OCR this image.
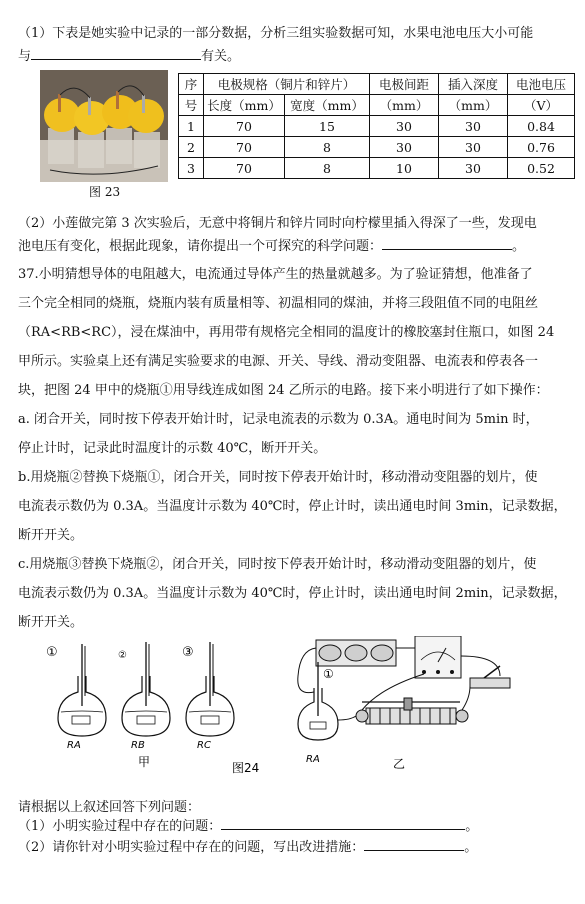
（1）下表是她实验中记录的一部分数据，分析三组实验数据可知，水果电池电压大小可能
与	有关。
图 23
序	电极规格（铜片和锌片）		电极间距	插入深度	电池电压
号	长度（mm）	宽度（mm）	（mm）	（mm）	（V）
1	70	15	30	30	0.84
2	70	8	30	30	0.76
3	70	8	10	30	0.52
（2）小莲做完第 3 次实验后，无意中将铜片和锌片同时向柠檬里插入得深了一些，发现电
池电压有变化，根据此现象，请你提出一个可探究的科学问题：	。
37.小明猜想导体的电阻越大，电流通过导体产生的热量就越多。为了验证猜想，他准备了
三个完全相同的烧瓶，烧瓶内装有质量相等、初温相同的煤油，并将三段阻值不同的电阻丝
（RA<RB<RC），浸在煤油中，再用带有规格完全相同的温度计的橡胶塞封住瓶口，如图 24
甲所示。实验桌上还有满足实验要求的电源、开关、导线、滑动变阻器、电流表和停表各一
块，把图 24 甲中的烧瓶①用导线连成如图 24 乙所示的电路。接下来小明进行了如下操作：
a. 闭合开关，同时按下停表开始计时，记录电流表的示数为 0.3A。通电时间为 5min 时，
停止计时，记录此时温度计的示数 40℃，断开开关。
b.用烧瓶②替换下烧瓶①，闭合开关，同时按下停表开始计时，移动滑动变阻器的划片，使
电流表示数仍为 0.3A。当温度计示数为 40℃时，停止计时，读出通电时间 3min，记录数据，
断开开关。
c.用烧瓶③替换下烧瓶②，闭合开关，同时按下停表开始计时，移动滑动变阻器的划片，使
电流表示数仍为 0.3A。当温度计示数为 40℃时，停止计时，读出通电时间 2min，记录数据，
断开开关。
①
RA
②
RB
③
RC
甲	图24
①
RA	乙
请根据以上叙述回答下列问题：
（1）小明实验过程中存在的问题：	。
（2）请你针对小明实验过程中存在的问题，写出改进措施：	。
